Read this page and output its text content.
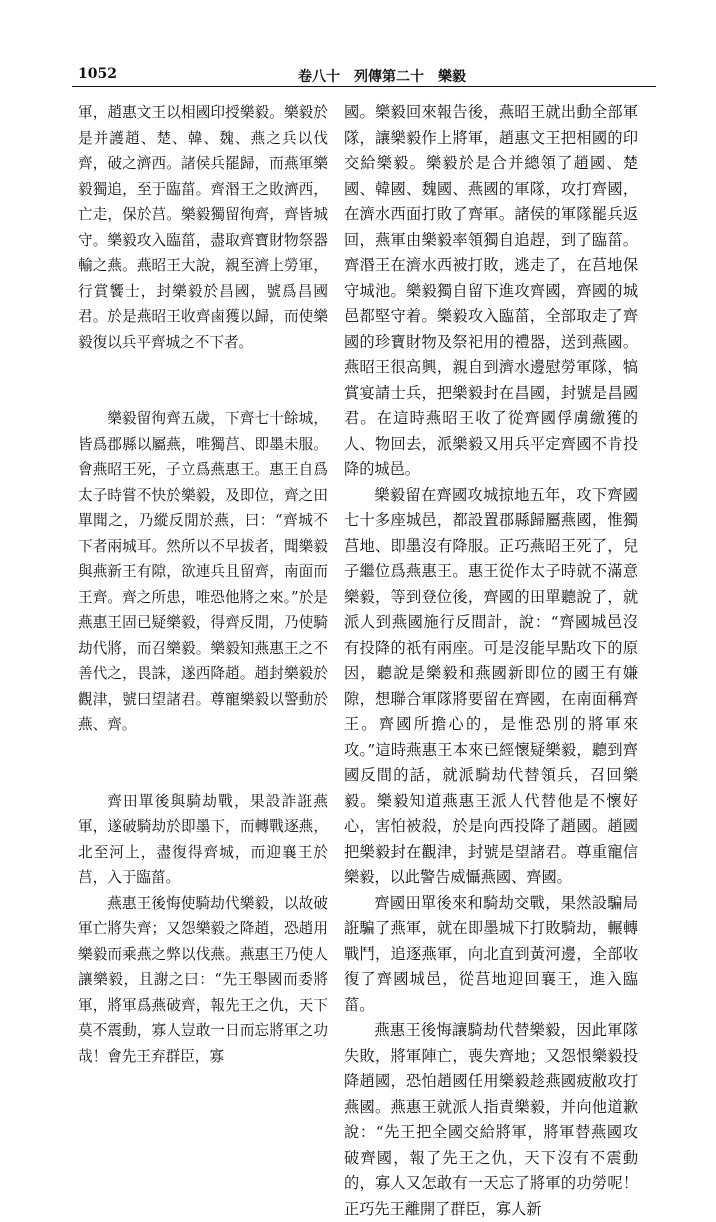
1052	卷八十　列傳第二十　樂毅

軍，趙惠文王以相國印授樂毅。樂毅於是并護趙、楚、韓、魏、燕之兵以伐齊，破之濟西。諸侯兵罷歸，而燕軍樂毅獨追，至于臨菑。齊湣王之敗濟西，亡走，保於莒。樂毅獨留徇齊，齊皆城守。樂毅攻入臨菑，盡取齊寶財物祭器輸之燕。燕昭王大說，親至濟上勞軍，行賞饗士，封樂毅於昌國，號爲昌國君。於是燕昭王收齊鹵獲以歸，而使樂毅復以兵平齊城之不下者。

樂毅留徇齊五歲，下齊七十餘城，皆爲郡縣以屬燕，唯獨莒、即墨未服。會燕昭王死，子立爲燕惠王。惠王自爲太子時嘗不快於樂毅，及即位，齊之田單聞之，乃縱反閒於燕，曰：“齊城不下者兩城耳。然所以不早拔者，聞樂毅與燕新王有隙，欲連兵且留齊，南面而王齊。齊之所患，唯恐他將之來。”於是燕惠王固已疑樂毅，得齊反閒，乃使騎劫代將，而召樂毅。樂毅知燕惠王之不善代之，畏誅，遂西降趙。趙封樂毅於觀津，號曰望諸君。尊寵樂毅以警動於燕、齊。

齊田單後與騎劫戰，果設詐誑燕軍，遂破騎劫於即墨下，而轉戰逐燕，北至河上，盡復得齊城，而迎襄王於莒，入于臨菑。

燕惠王後悔使騎劫代樂毅，以故破軍亡將失齊；又怨樂毅之降趙，恐趙用樂毅而乘燕之弊以伐燕。燕惠王乃使人讓樂毅，且謝之曰：“先王舉國而委將軍，將軍爲燕破齊，報先王之仇，天下莫不震動，寡人豈敢一日而忘將軍之功哉！會先王弃群臣，寡

國。樂毅回來報告後，燕昭王就出動全部軍隊，讓樂毅作上將軍，趙惠文王把相國的印交給樂毅。樂毅於是合并總領了趙國、楚國、韓國、魏國、燕國的軍隊，攻打齊國，在濟水西面打敗了齊軍。諸侯的軍隊罷兵返回，燕軍由樂毅率領獨自追趕，到了臨菑。齊湣王在濟水西被打敗，逃走了，在莒地保守城池。樂毅獨自留下進攻齊國，齊國的城邑都堅守着。樂毅攻入臨菑，全部取走了齊國的珍寶財物及祭祀用的禮器，送到燕國。燕昭王很高興，親自到濟水邊慰勞軍隊，犒賞宴請士兵，把樂毅封在昌國，封號是昌國君。在這時燕昭王收了從齊國俘虜繳獲的人、物回去，派樂毅又用兵平定齊國不肯投降的城邑。

樂毅留在齊國攻城掠地五年，攻下齊國七十多座城邑，都設置郡縣歸屬燕國，惟獨莒地、即墨沒有降服。正巧燕昭王死了，兒子繼位爲燕惠王。惠王從作太子時就不滿意樂毅，等到登位後，齊國的田單聽說了，就派人到燕國施行反間計，說：“齊國城邑沒有投降的祇有兩座。可是沒能早點攻下的原因，聽說是樂毅和燕國新即位的國王有嫌隙，想聯合軍隊將要留在齊國，在南面稱齊王。齊國所擔心的，是惟恐別的將軍來攻。”這時燕惠王本來已經懷疑樂毅，聽到齊國反間的話，就派騎劫代替領兵，召回樂毅。樂毅知道燕惠王派人代替他是不懷好心，害怕被殺，於是向西投降了趙國。趙國把樂毅封在觀津，封號是望諸君。尊重寵信樂毅，以此警告威懾燕國、齊國。

齊國田單後來和騎劫交戰，果然設騙局誑騙了燕軍，就在即墨城下打敗騎劫，輾轉戰鬥，追逐燕軍，向北直到黃河邊，全部收復了齊國城邑，從莒地迎回襄王，進入臨菑。

燕惠王後悔讓騎劫代替樂毅，因此軍隊失敗，將軍陣亡，喪失齊地；又怨恨樂毅投降趙國，恐怕趙國任用樂毅趁燕國疲敝攻打燕國。燕惠王就派人指責樂毅，并向他道歉說：“先王把全國交給將軍，將軍替燕國攻破齊國，報了先王之仇，天下沒有不震動的，寡人又怎敢有一天忘了將軍的功勞呢！正巧先王離開了群臣，寡人新
